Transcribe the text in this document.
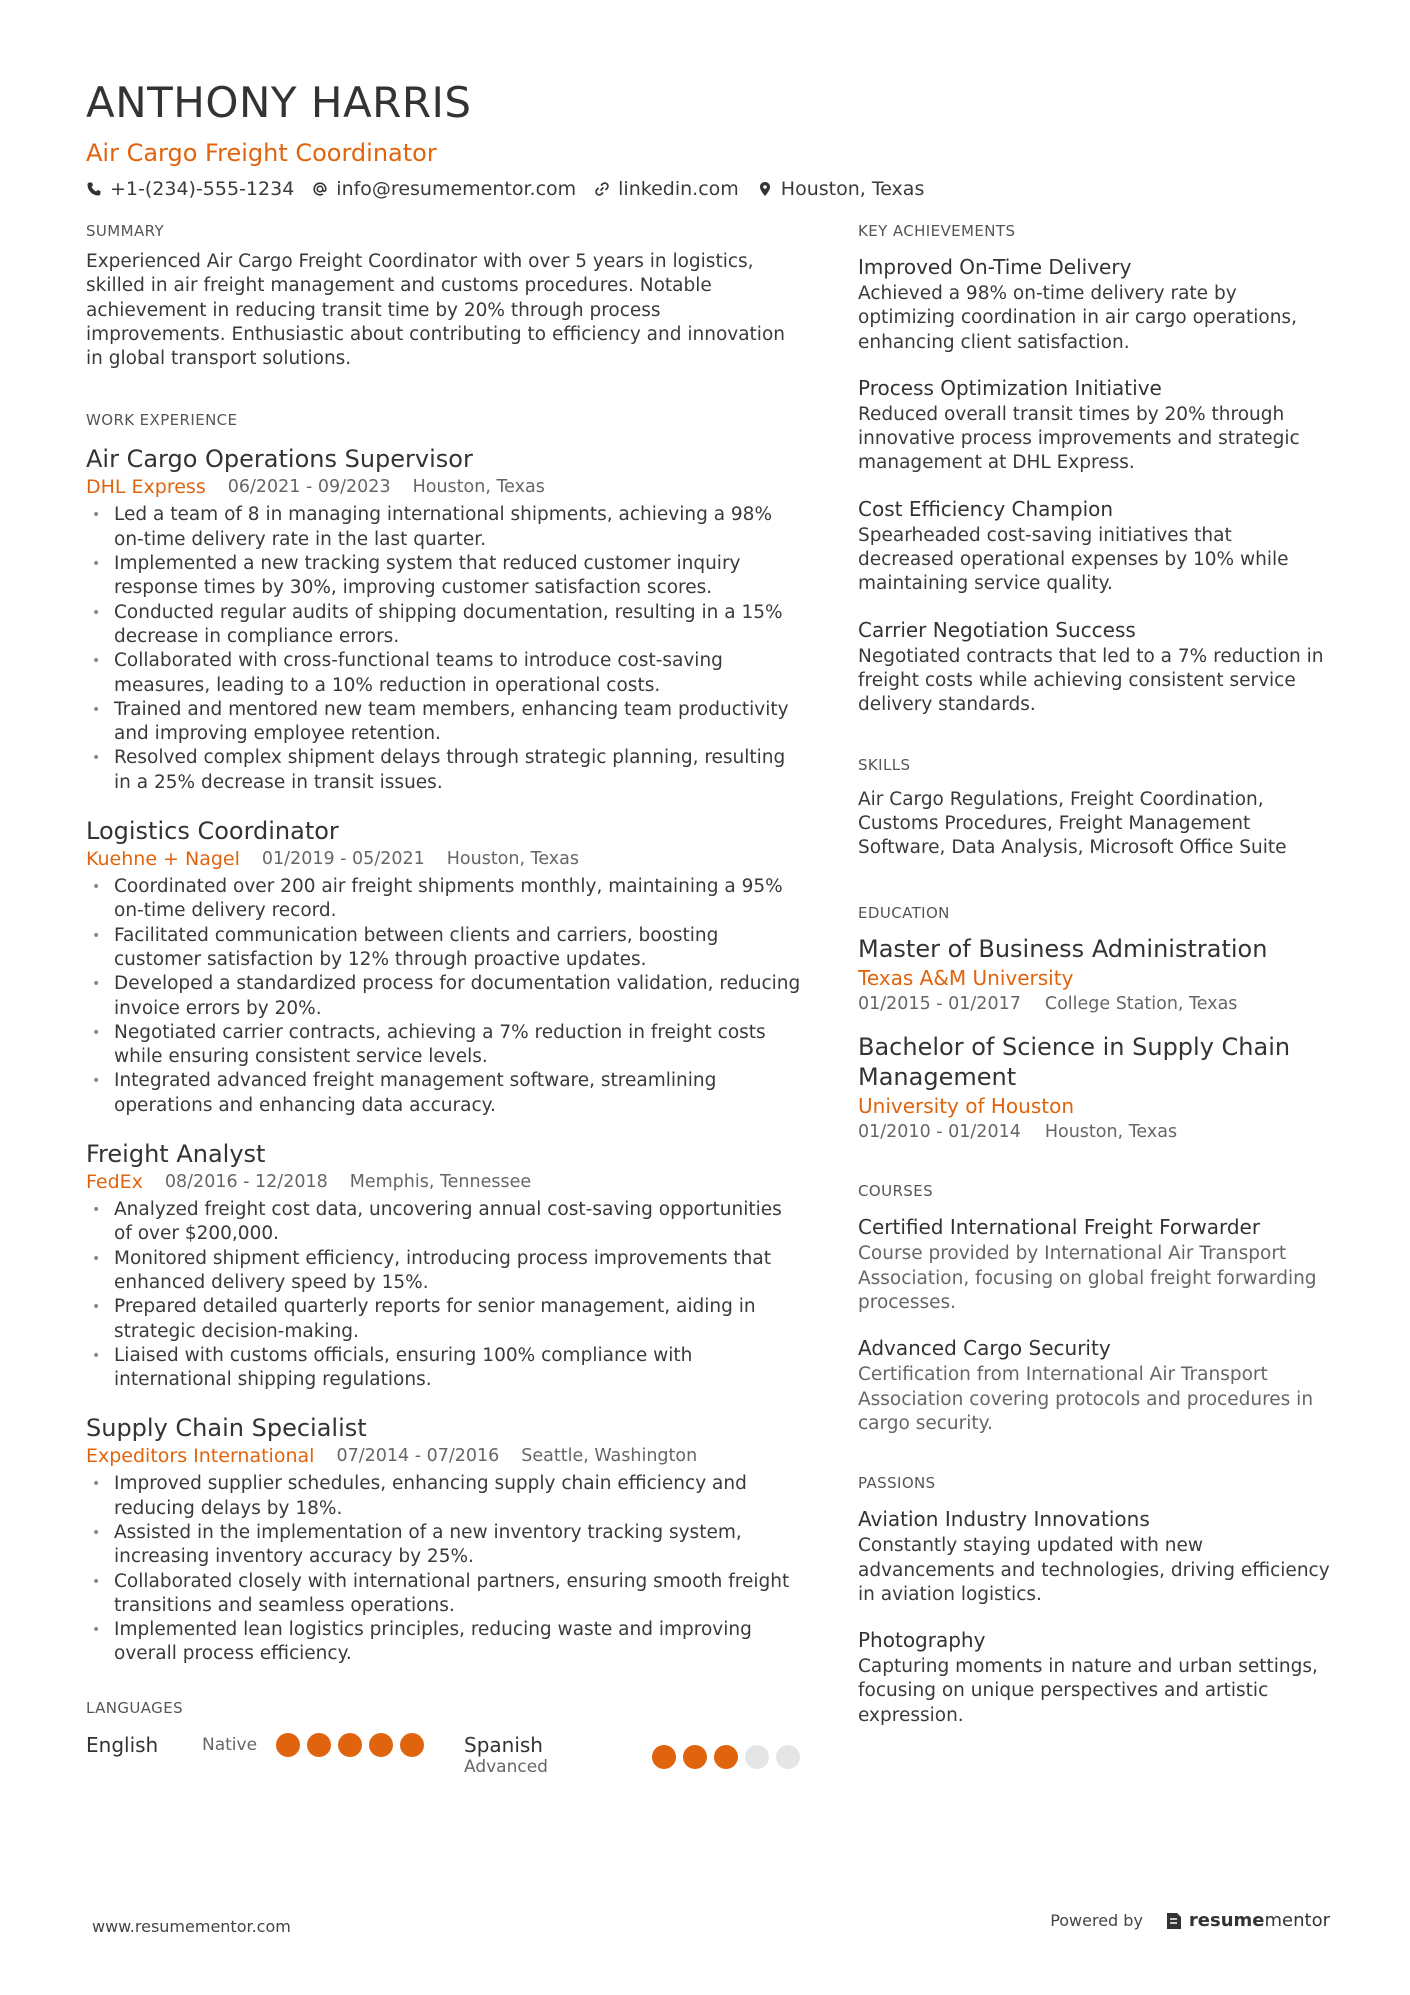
ANTHONY HARRIS
Air Cargo Freight Coordinator
+1-(234)-555-1234 info@resumementor.com linkedin.com Houston, Texas
SUMMARY
Experienced Air Cargo Freight Coordinator with over 5 years in logistics, skilled in air freight management and customs procedures. Notable achievement in reducing transit time by 20% through process improvements. Enthusiastic about contributing to efficiency and innovation in global transport solutions.
WORK EXPERIENCE
Air Cargo Operations Supervisor
DHL Express 06/2021 - 09/2023 Houston, Texas
• Led a team of 8 in managing international shipments, achieving a 98% on-time delivery rate in the last quarter.
• Implemented a new tracking system that reduced customer inquiry response times by 30%, improving customer satisfaction scores.
• Conducted regular audits of shipping documentation, resulting in a 15% decrease in compliance errors.
• Collaborated with cross-functional teams to introduce cost-saving measures, leading to a 10% reduction in operational costs.
• Trained and mentored new team members, enhancing team productivity and improving employee retention.
• Resolved complex shipment delays through strategic planning, resulting in a 25% decrease in transit issues.
Logistics Coordinator
Kuehne + Nagel 01/2019 - 05/2021 Houston, Texas
• Coordinated over 200 air freight shipments monthly, maintaining a 95% on-time delivery record.
• Facilitated communication between clients and carriers, boosting customer satisfaction by 12% through proactive updates.
• Developed a standardized process for documentation validation, reducing invoice errors by 20%.
• Negotiated carrier contracts, achieving a 7% reduction in freight costs while ensuring consistent service levels.
• Integrated advanced freight management software, streamlining operations and enhancing data accuracy.
Freight Analyst
FedEx 08/2016 - 12/2018 Memphis, Tennessee
• Analyzed freight cost data, uncovering annual cost-saving opportunities of over $200,000.
• Monitored shipment efficiency, introducing process improvements that enhanced delivery speed by 15%.
• Prepared detailed quarterly reports for senior management, aiding in strategic decision-making.
• Liaised with customs officials, ensuring 100% compliance with international shipping regulations.
Supply Chain Specialist
Expeditors International 07/2014 - 07/2016 Seattle, Washington
• Improved supplier schedules, enhancing supply chain efficiency and reducing delays by 18%.
• Assisted in the implementation of a new inventory tracking system, increasing inventory accuracy by 25%.
• Collaborated closely with international partners, ensuring smooth freight transitions and seamless operations.
• Implemented lean logistics principles, reducing waste and improving overall process efficiency.
LANGUAGES
English	Native	Spanish
Advanced
KEY ACHIEVEMENTS
Improved On-Time Delivery
Achieved a 98% on-time delivery rate by optimizing coordination in air cargo operations, enhancing client satisfaction.
Process Optimization Initiative
Reduced overall transit times by 20% through innovative process improvements and strategic management at DHL Express.
Cost Efficiency Champion
Spearheaded cost-saving initiatives that decreased operational expenses by 10% while maintaining service quality.
Carrier Negotiation Success
Negotiated contracts that led to a 7% reduction in freight costs while achieving consistent service delivery standards.
SKILLS
Air Cargo Regulations, Freight Coordination, Customs Procedures, Freight Management Software, Data Analysis, Microsoft Office Suite
EDUCATION
Master of Business Administration
Texas A&M University
01/2015 - 01/2017 College Station, Texas
Bachelor of Science in Supply Chain Management
University of Houston
01/2010 - 01/2014 Houston, Texas
COURSES
Certified International Freight Forwarder
Course provided by International Air Transport Association, focusing on global freight forwarding processes.
Advanced Cargo Security
Certification from International Air Transport Association covering protocols and procedures in cargo security.
PASSIONS
Aviation Industry Innovations
Constantly staying updated with new advancements and technologies, driving efficiency in aviation logistics.
Photography
Capturing moments in nature and urban settings, focusing on unique perspectives and artistic expression.
www.resumementor.com	Powered by	resumementor
